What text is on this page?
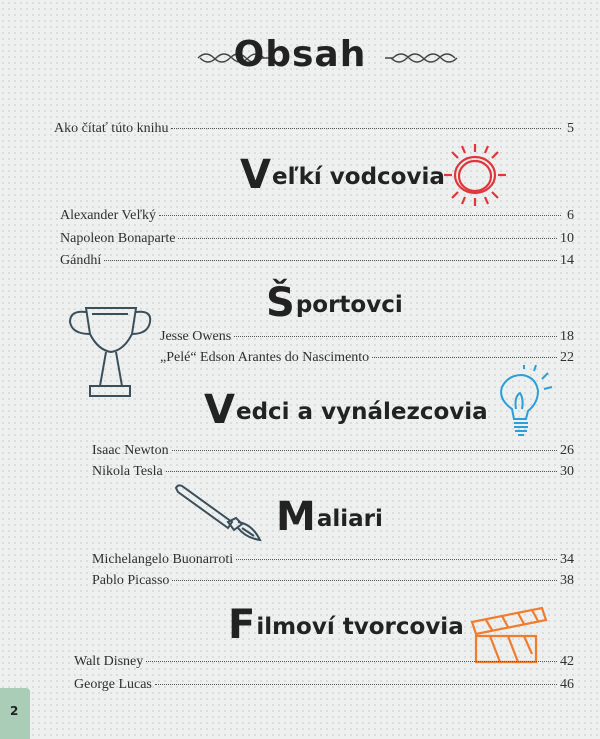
Obsah
Ako čítať túto knihu	5
Veľkí vodcovia
Alexander Veľký	6
Napoleon Bonaparte	10
Gándhí	14
Športovci
Jesse Owens	18
„Pelé“ Edson Arantes do Nascimento	22
Vedci a vynálezcovia
Isaac Newton	26
Nikola Tesla	30
Maliari
Michelangelo Buonarroti	34
Pablo Picasso	38
Filmoví tvorcovia
Walt Disney	42
George Lucas	46
2
